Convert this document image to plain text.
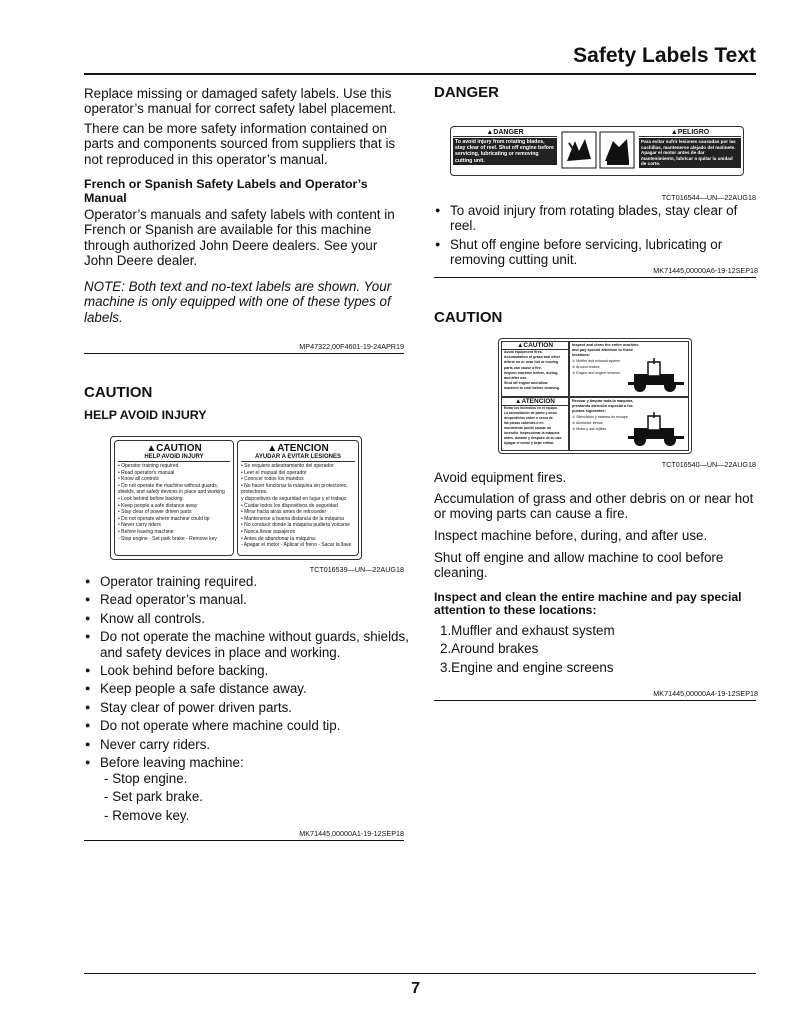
Safety Labels Text

Replace missing or damaged safety labels. Use this operator’s manual for correct safety label placement.

There can be more safety information contained on parts and components sourced from suppliers that is not reproduced in this operator’s manual.

French or Spanish Safety Labels and Operator’s Manual

Operator’s manuals and safety labels with content in French or Spanish are available for this machine through authorized John Deere dealers. See your John Deere dealer.

NOTE: Both text and no-text labels are shown. Your machine is only equipped with one of these types of labels.

MP47322,00F4601-19-24APR19

CAUTION

HELP AVOID INJURY

▲CAUTION
HELP AVOID INJURY
• Operator training required
• Read operator's manual
• Know all controls
• Do not operate the machine without guards,
shields, and safety devices in place and working
• Look behind before backing
• Keep people a safe distance away
• Stay clear of power driven parts
• Do not operate where machine could tip
• Never carry riders
• Before leaving machine:
- Stop engine - Set park brake - Remove key
▲ATENCION
AYUDAR A EVITAR LESIONES
• Se requiere adiestramiento del operador
• Leer el manual del operador
• Conocer todos los mandos
• No hacer funcionar la máquina sin protectores, protectores,
y dispositivos de seguridad en lugar y el trabajo
• Cuidar todos los dispositivos de seguridad
• Mirar hacia atrás antes de retroceder
• Mantenerse a buena distancia de la máquina
• No conducir donde la máquina pudiera volcarse
• Nunca llevar pasajeros
• Antes de abandonar la máquina:
- Apagar el motor - Aplicar el freno - Sacar la llave
TCT016539—UN—22AUG18
● Operator training required.
● Read operator’s manual.
● Know all controls.
● Do not operate the machine without guards, shields, and safety devices in place and working.
● Look behind before backing.
● Keep people a safe distance away.
● Stay clear of power driven parts.
● Do not operate where machine could tip.
● Never carry riders.
● Before leaving machine:
- Stop engine.
- Set park brake.
- Remove key.
MK71445,00000A1-19-12SEP18

DANGER

▲DANGER
To avoid injury from rotating blades, stay clear of reel. Shut off engine before servicing, lubricating or removing cutting unit.
▲PELIGRO
Para evitar sufrir lesiones causadas por las cuchillas, mantenerse alejado del molinete. Apagar el motor antes de dar mantenimiento, lubricar o quitar la unidad de corte.
TCT016544—UN—22AUG18
● To avoid injury from rotating blades, stay clear of reel.
● Shut off engine before servicing, lubricating or removing cutting unit.
MK71445,00000A6-19-12SEP18

CAUTION

▲CAUTION
Avoid equipment fires.
Accumulation of grass and other
debris on or near hot or moving
parts can cause a fire.
Inspect machine before, during,
and after use.
Shut off engine and allow
machine to cool before cleaning.
Inspect and clean the entire machine
and pay special attention to these
locations:
① Muffler and exhaust system
② Around brakes
③ Engine and engine screens
▲ATENCION
Evitar los incendios en el equipo.
La acumulación de pasto y otros
desperdicios sobre o cerca de
las piezas calientes o en
movimiento puede causar un
incendio. Inspeccionar la máquina
antes, durante y después de su uso.
Apagar el motor y dejar enfriar.
Revisar y limpiar toda la máquina,
prestando atención especial a los
puntos siguientes:
① Silenciador y sistema de escape
② Alrededor frenos
③ Motor y sus rejillas
TCT016540—UN—22AUG18

Avoid equipment fires.

Accumulation of grass and other debris on or near hot or moving parts can cause a fire.

Inspect machine before, during, and after use.

Shut off engine and allow machine to cool before cleaning.

Inspect and clean the entire machine and pay special attention to these locations:

1.Muffler and exhaust system
2.Around brakes
3.Engine and engine screens
MK71445,00000A4-19-12SEP18
7
